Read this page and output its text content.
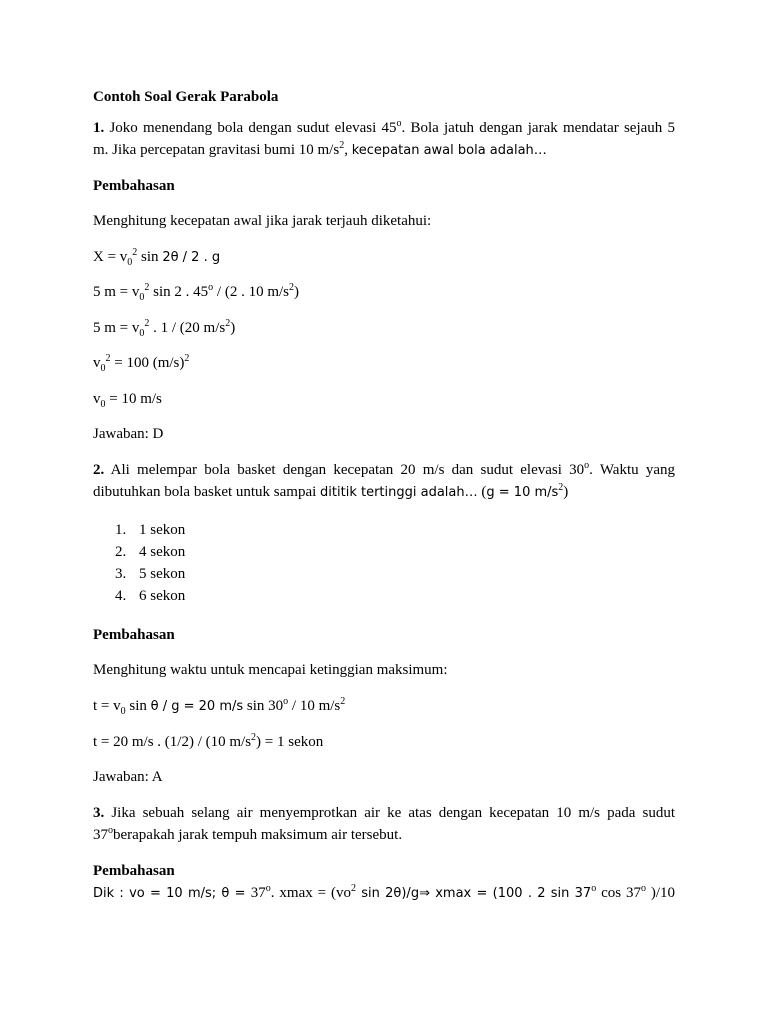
Contoh Soal Gerak Parabola
1. Joko menendang bola dengan sudut elevasi 45$^o$. Bola jatuh dengan jarak mendatar sejauh 5
m. Jika percepatan gravitasi bumi 10 $m/s^2$, kecepatan awal bola adalah…
Pembahasan
Menghitung kecepatan awal jika jarak terjauh diketahui:
$X = v_0^2$ sin 2θ / 2 . g
5 $m = v_0^2$ sin 2 . 45$^o$ / (2 . 10 $m/s^2$)
5 $m = v_0^2$ . 1 / (20 $m/s^2$)
$v_0^2 = 100$ $(m/s)^2$
$v_0 = 10$ m/s
Jawaban: D
2. Ali melempar bola basket dengan kecepatan 20 m/s dan sudut elevasi 30$^o$. Waktu yang
dibutuhkan bola basket untuk sampai dititik tertinggi adalah… (g = 10 $m/s^2$)
1. 1 sekon
2. 4 sekon
3. 5 sekon
4. 6 sekon
Pembahasan
Menghitung waktu untuk mencapai ketinggian maksimum:
$t = v_0$ sin θ / g = 20 m/s sin 30$^o$ / 10 $m/s^2$
t = 20 m/s . (1/2) / (10 $m/s^2) = 1$ sekon
Jawaban: A
3. Jika sebuah selang air menyemprotkan air ke atas dengan kecepatan 10 m/s pada sudut
37$^o$berapakah jarak tempuh maksimum air tersebut.
Pembahasan
Dik : vo = 10 m/s; $\theta = 37^o$. $xmax = (vo^2$ sin 2θ)/g⇒ xmax = (100 . 2 sin 37$^o$ cos 37$^o$ )/10
